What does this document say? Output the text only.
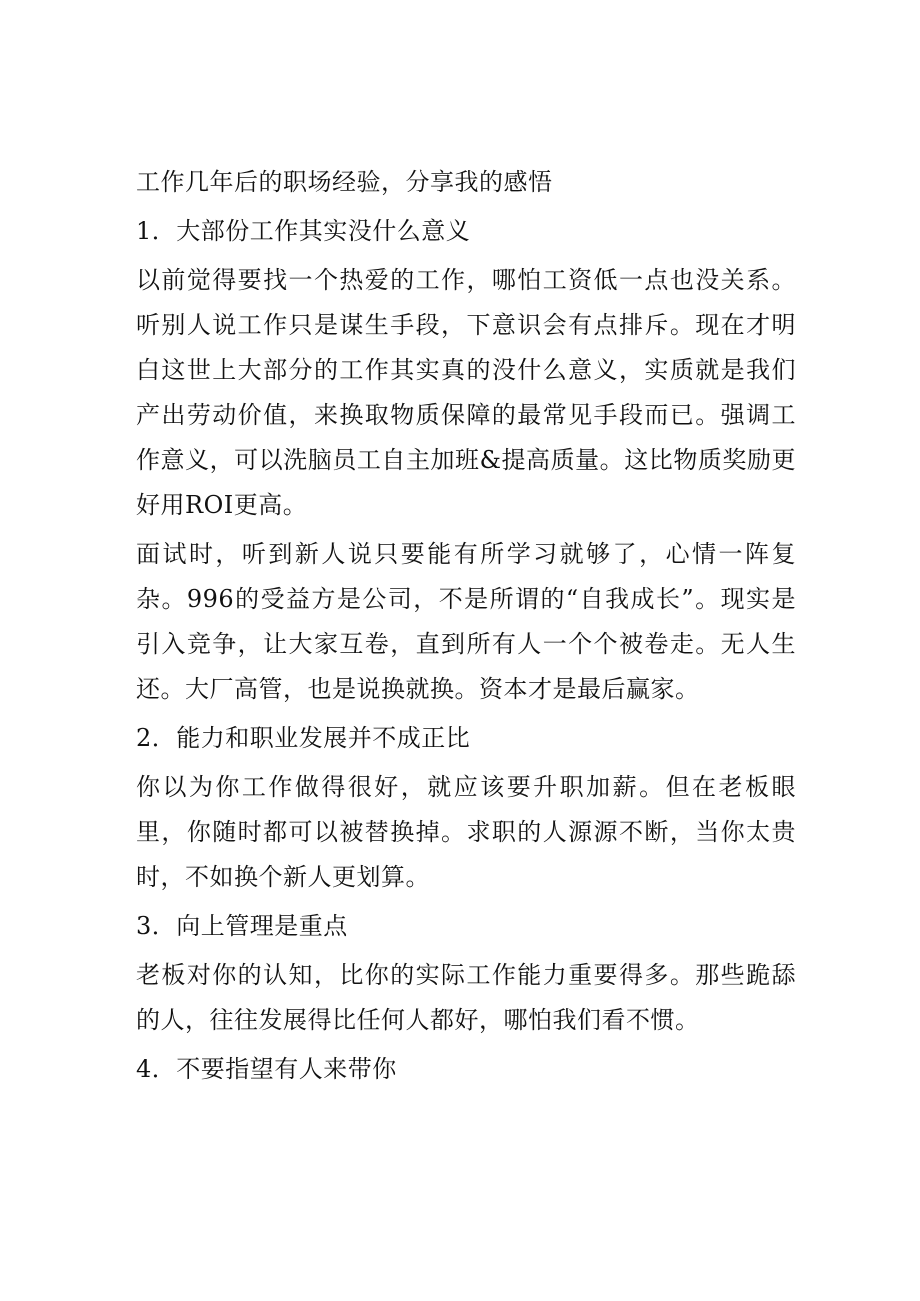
工作几年后的职场经验，分享我的感悟

1．大部份工作其实没什么意义

以前觉得要找一个热爱的工作，哪怕工资低一点也没关系。听别人说工作只是谋生手段，下意识会有点排斥。现在才明白这世上大部分的工作其实真的没什么意义，实质就是我们产出劳动价值，来换取物质保障的最常见手段而已。强调工作意义，可以洗脑员工自主加班&提高质量。这比物质奖励更好用ROI更高。

面试时，听到新人说只要能有所学习就够了，心情一阵复杂。996的受益方是公司，不是所谓的“自我成长”。现实是引入竞争，让大家互卷，直到所有人一个个被卷走。无人生还。大厂高管，也是说换就换。资本才是最后赢家。

2．能力和职业发展并不成正比

你以为你工作做得很好，就应该要升职加薪。但在老板眼里，你随时都可以被替换掉。求职的人源源不断，当你太贵时，不如换个新人更划算。

3．向上管理是重点

老板对你的认知，比你的实际工作能力重要得多。那些跪舔的人，往往发展得比任何人都好，哪怕我们看不惯。

4．不要指望有人来带你
